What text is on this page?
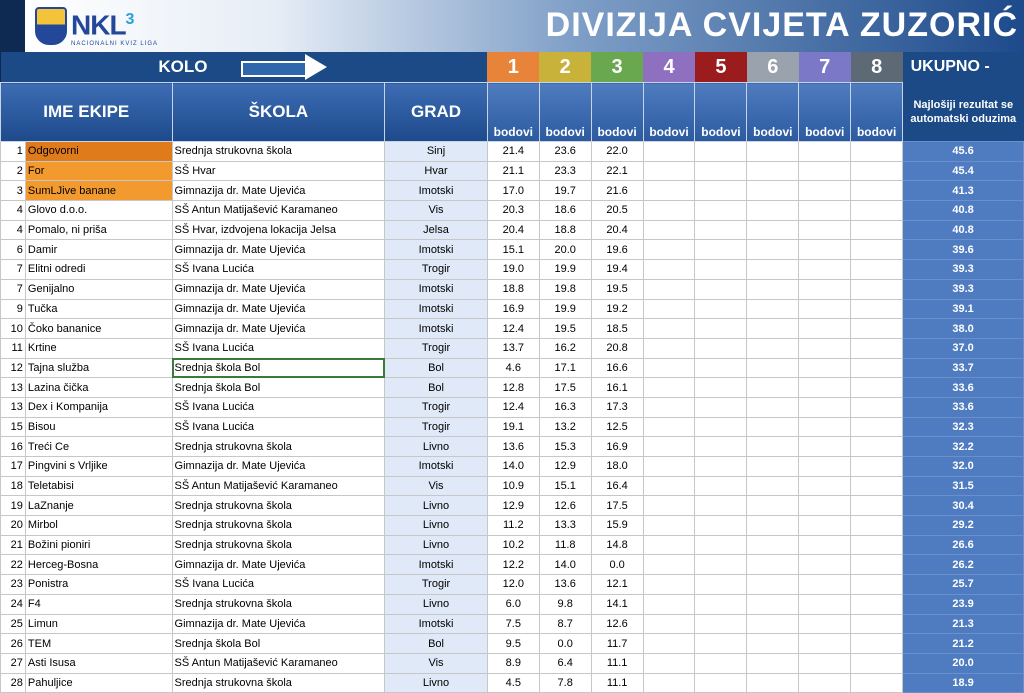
NKL$^3$
NACIONALNI KVIZ LIGA	DIVIZIJA CVIJETA ZUZORIĆ
KOLO				1	2	3	4	5	6	7	8	UKUPNO -
IME EKIPE		ŠKOLA	GRAD	bodovi	bodovi	bodovi	bodovi	bodovi	bodovi	bodovi	bodovi	Najlošiji rezultat se automatski oduzima
1	Odgovorni	Srednja strukovna škola	Sinj	21.4	23.6	22.0						45.6
2	For	SŠ Hvar	Hvar	21.1	23.3	22.1						45.4
3	SumLJive banane	Gimnazija dr. Mate Ujevića	Imotski	17.0	19.7	21.6						41.3
4	Glovo d.o.o.	SŠ Antun Matijašević Karamaneo	Vis	20.3	18.6	20.5						40.8
4	Pomalo, ni priša	SŠ Hvar, izdvojena lokacija Jelsa	Jelsa	20.4	18.8	20.4						40.8
6	Damir	Gimnazija dr. Mate Ujevića	Imotski	15.1	20.0	19.6						39.6
7	Elitni odredi	SŠ Ivana Lucića	Trogir	19.0	19.9	19.4						39.3
7	Genijalno	Gimnazija dr. Mate Ujevića	Imotski	18.8	19.8	19.5						39.3
9	Tučka	Gimnazija dr. Mate Ujevića	Imotski	16.9	19.9	19.2						39.1
10	Čoko bananice	Gimnazija dr. Mate Ujevića	Imotski	12.4	19.5	18.5						38.0
11	Krtine	SŠ Ivana Lucića	Trogir	13.7	16.2	20.8						37.0
12	Tajna služba	Srednja škola Bol	Bol	4.6	17.1	16.6						33.7
13	Lazina čička	Srednja škola Bol	Bol	12.8	17.5	16.1						33.6
13	Dex i Kompanija	SŠ Ivana Lucića	Trogir	12.4	16.3	17.3						33.6
15	Bisou	SŠ Ivana Lucića	Trogir	19.1	13.2	12.5						32.3
16	Treći Ce	Srednja strukovna škola	Livno	13.6	15.3	16.9						32.2
17	Pingvini s Vrljike	Gimnazija dr. Mate Ujevića	Imotski	14.0	12.9	18.0						32.0
18	Teletabisi	SŠ Antun Matijašević Karamaneo	Vis	10.9	15.1	16.4						31.5
19	LaZnanje	Srednja strukovna škola	Livno	12.9	12.6	17.5						30.4
20	Mirbol	Srednja strukovna škola	Livno	11.2	13.3	15.9						29.2
21	Božini pioniri	Srednja strukovna škola	Livno	10.2	11.8	14.8						26.6
22	Herceg-Bosna	Gimnazija dr. Mate Ujevića	Imotski	12.2	14.0	0.0						26.2
23	Ponistra	SŠ Ivana Lucića	Trogir	12.0	13.6	12.1						25.7
24	F4	Srednja strukovna škola	Livno	6.0	9.8	14.1						23.9
25	Limun	Gimnazija dr. Mate Ujevića	Imotski	7.5	8.7	12.6						21.3
26	TEM	Srednja škola Bol	Bol	9.5	0.0	11.7						21.2
27	Asti Isusa	SŠ Antun Matijašević Karamaneo	Vis	8.9	6.4	11.1						20.0
28	Pahuljice	Srednja strukovna škola	Livno	4.5	7.8	11.1						18.9
